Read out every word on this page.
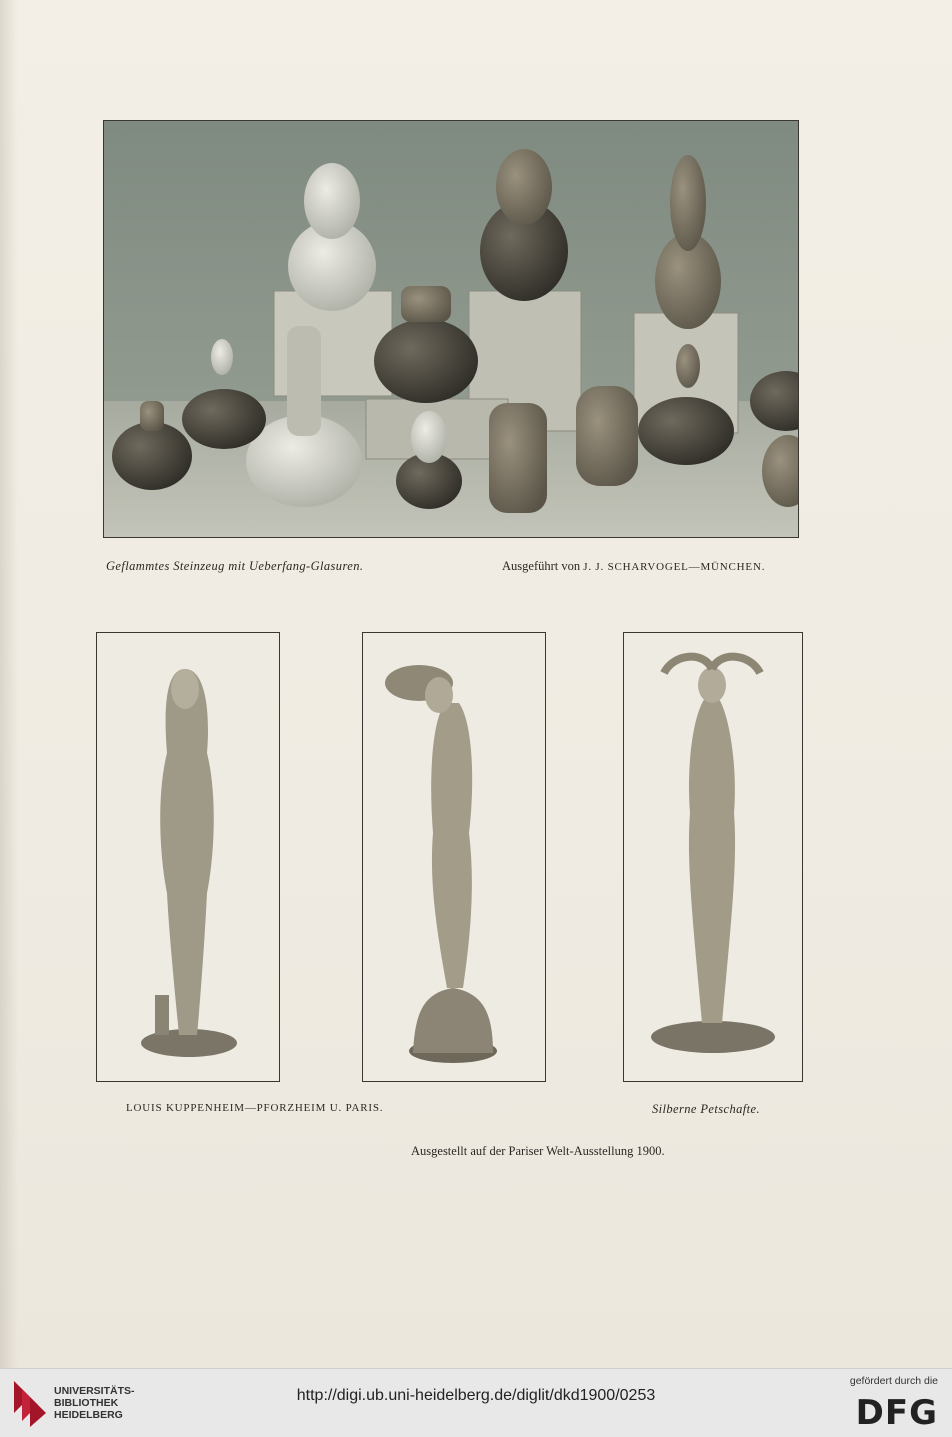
Geflammtes Steinzeug mit Ueberfang-Glasuren.	Ausgeführt von J. J. SCHARVOGEL—MÜNCHEN.
LOUIS KUPPENHEIM—PFORZHEIM U. PARIS.	Silberne Petschafte.
Ausgestellt auf der Pariser Welt-Ausstellung 1900.
UNIVERSITÄTS-
BIBLIOTHEK
HEIDELBERG
http://digi.ub.uni-heidelberg.de/diglit/dkd1900/0253
gefördert durch die
DFG
